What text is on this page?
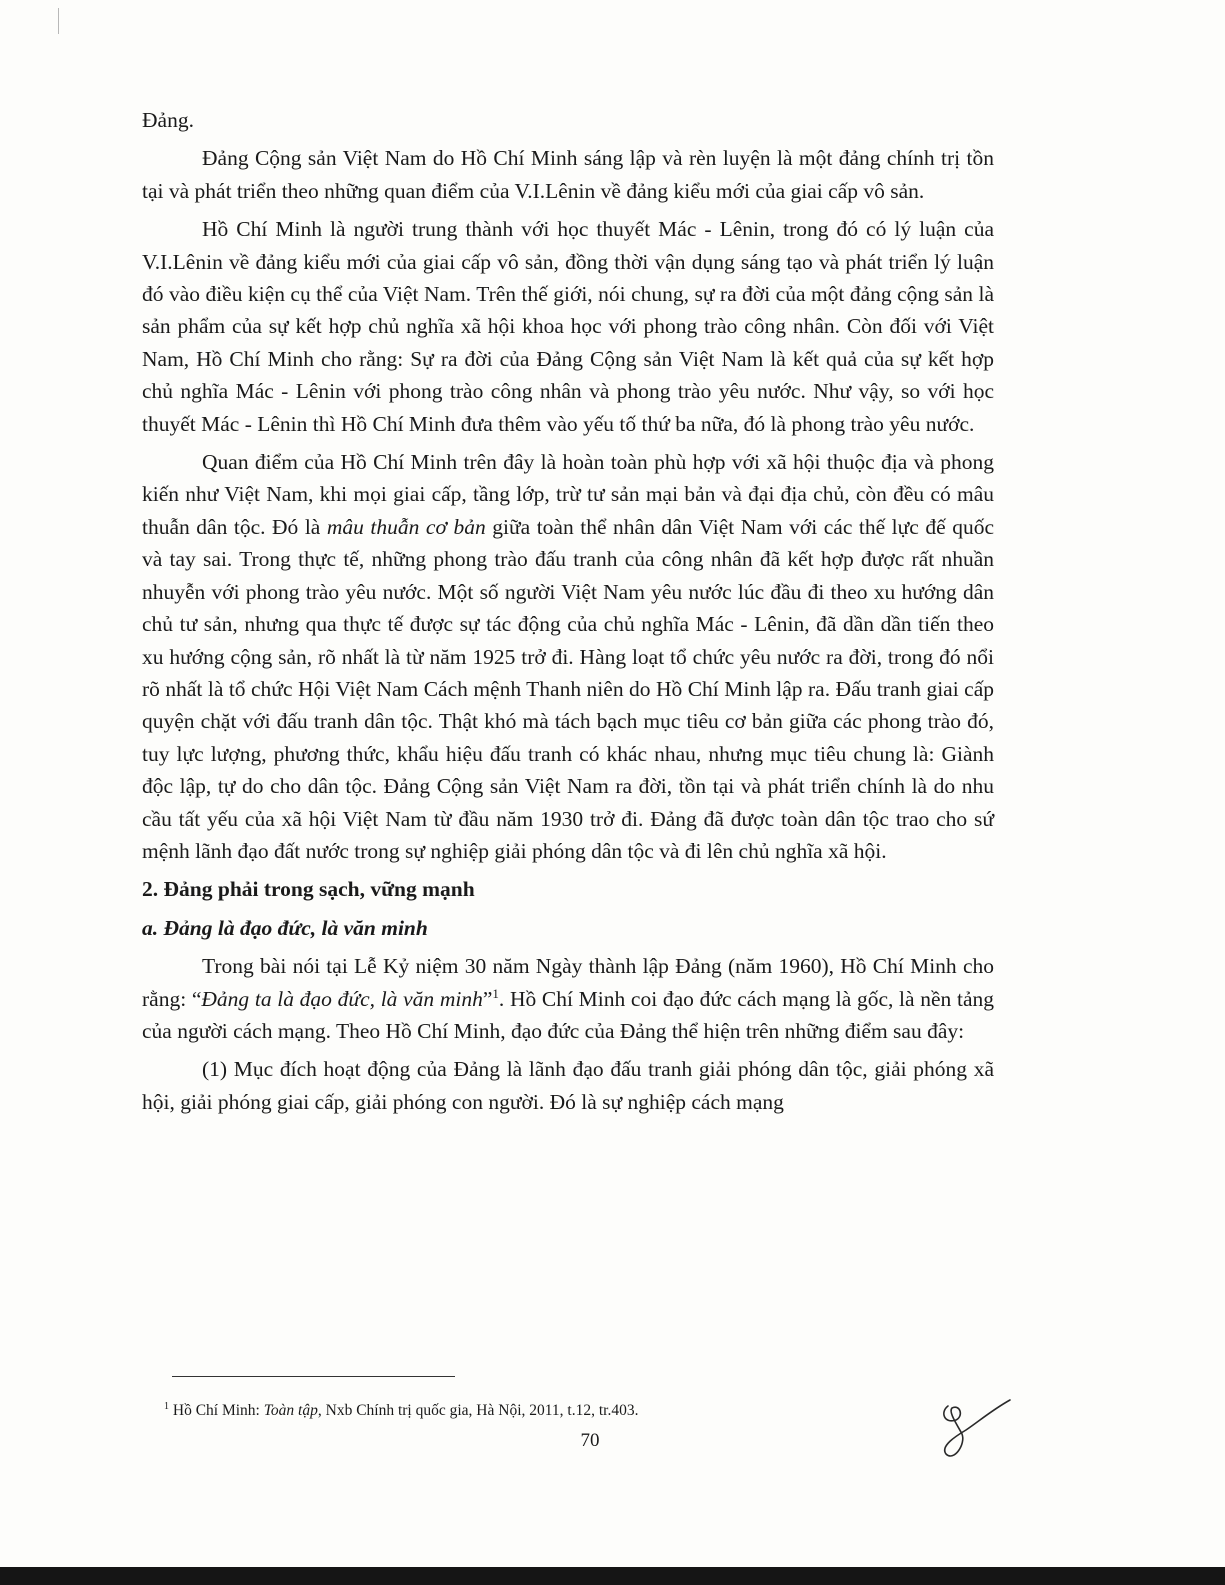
Đảng.

Đảng Cộng sản Việt Nam do Hồ Chí Minh sáng lập và rèn luyện là một đảng chính trị tồn tại và phát triển theo những quan điểm của V.I.Lênin về đảng kiểu mới của giai cấp vô sản.

Hồ Chí Minh là người trung thành với học thuyết Mác - Lênin, trong đó có lý luận của V.I.Lênin về đảng kiểu mới của giai cấp vô sản, đồng thời vận dụng sáng tạo và phát triển lý luận đó vào điều kiện cụ thể của Việt Nam. Trên thế giới, nói chung, sự ra đời của một đảng cộng sản là sản phẩm của sự kết hợp chủ nghĩa xã hội khoa học với phong trào công nhân. Còn đối với Việt Nam, Hồ Chí Minh cho rằng: Sự ra đời của Đảng Cộng sản Việt Nam là kết quả của sự kết hợp chủ nghĩa Mác - Lênin với phong trào công nhân và phong trào yêu nước. Như vậy, so với học thuyết Mác - Lênin thì Hồ Chí Minh đưa thêm vào yếu tố thứ ba nữa, đó là phong trào yêu nước.

Quan điểm của Hồ Chí Minh trên đây là hoàn toàn phù hợp với xã hội thuộc địa và phong kiến như Việt Nam, khi mọi giai cấp, tầng lớp, trừ tư sản mại bản và đại địa chủ, còn đều có mâu thuẫn dân tộc. Đó là mâu thuẫn cơ bản giữa toàn thể nhân dân Việt Nam với các thế lực đế quốc và tay sai. Trong thực tế, những phong trào đấu tranh của công nhân đã kết hợp được rất nhuần nhuyễn với phong trào yêu nước. Một số người Việt Nam yêu nước lúc đầu đi theo xu hướng dân chủ tư sản, nhưng qua thực tế được sự tác động của chủ nghĩa Mác - Lênin, đã dần dần tiến theo xu hướng cộng sản, rõ nhất là từ năm 1925 trở đi. Hàng loạt tổ chức yêu nước ra đời, trong đó nổi rõ nhất là tổ chức Hội Việt Nam Cách mệnh Thanh niên do Hồ Chí Minh lập ra. Đấu tranh giai cấp quyện chặt với đấu tranh dân tộc. Thật khó mà tách bạch mục tiêu cơ bản giữa các phong trào đó, tuy lực lượng, phương thức, khẩu hiệu đấu tranh có khác nhau, nhưng mục tiêu chung là: Giành độc lập, tự do cho dân tộc. Đảng Cộng sản Việt Nam ra đời, tồn tại và phát triển chính là do nhu cầu tất yếu của xã hội Việt Nam từ đầu năm 1930 trở đi. Đảng đã được toàn dân tộc trao cho sứ mệnh lãnh đạo đất nước trong sự nghiệp giải phóng dân tộc và đi lên chủ nghĩa xã hội.

2. Đảng phải trong sạch, vững mạnh

a. Đảng là đạo đức, là văn minh

Trong bài nói tại Lễ Kỷ niệm 30 năm Ngày thành lập Đảng (năm 1960), Hồ Chí Minh cho rằng: “Đảng ta là đạo đức, là văn minh”$^1$. Hồ Chí Minh coi đạo đức cách mạng là gốc, là nền tảng của người cách mạng. Theo Hồ Chí Minh, đạo đức của Đảng thể hiện trên những điểm sau đây:

(1) Mục đích hoạt động của Đảng là lãnh đạo đấu tranh giải phóng dân tộc, giải phóng xã hội, giải phóng giai cấp, giải phóng con người. Đó là sự nghiệp cách mạng

$^1$ Hồ Chí Minh: Toàn tập, Nxb Chính trị quốc gia, Hà Nội, 2011, t.12, tr.403.
70
